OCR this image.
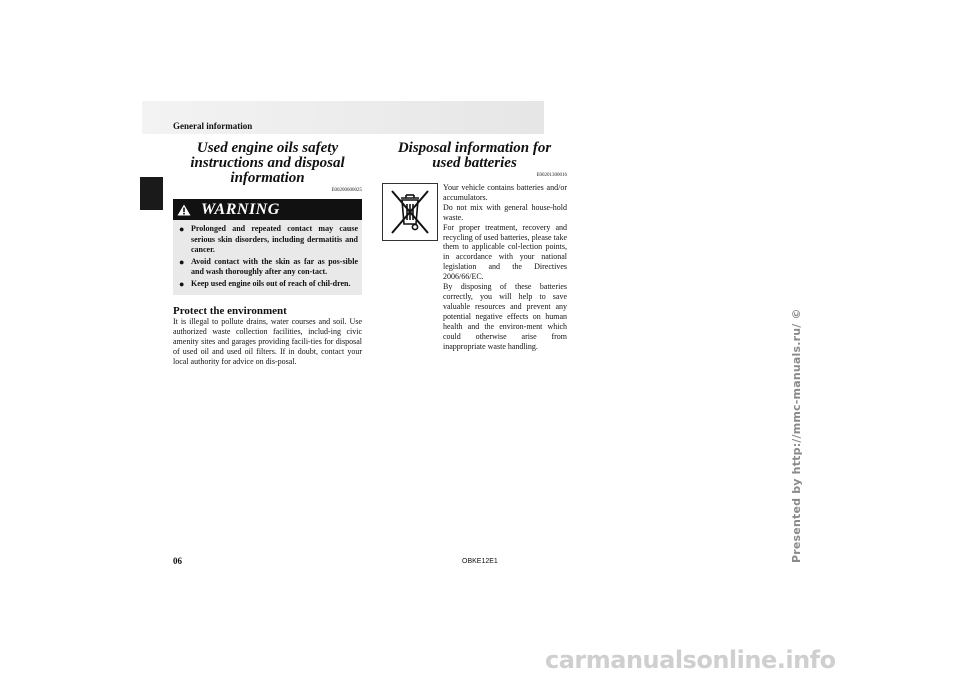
General information
Used engine oils safety instructions and disposal information
E00200600025
WARNING
● Prolonged and repeated contact may cause serious skin disorders, including dermatitis and cancer.
● Avoid contact with the skin as far as pos-sible and wash thoroughly after any con-tact.
● Keep used engine oils out of reach of chil-dren.
Protect the environment

It is illegal to pollute drains, water courses and soil. Use authorized waste collection facilities, includ-ing civic amenity sites and garages providing facili-ties for disposal of used oil and used oil filters. If in doubt, contact your local authority for advice on dis-posal.

Disposal information for used batteries
E00201300016

Your vehicle contains batteries and/or accumulators.

Do not mix with general house-hold waste.

For proper treatment, recovery and recycling of used batteries, please take them to applicable col-lection points, in accordance with your national legislation and the Directives 2006/66/EC.

By disposing of these batteries correctly, you will help to save valuable resources and prevent any potential negative effects on human health and the environ-ment which could otherwise arise from inappropriate waste handling.

06	OBKE12E1	Presented by http://mmc-manuals.ru/ ©
carmanualsonline.info
